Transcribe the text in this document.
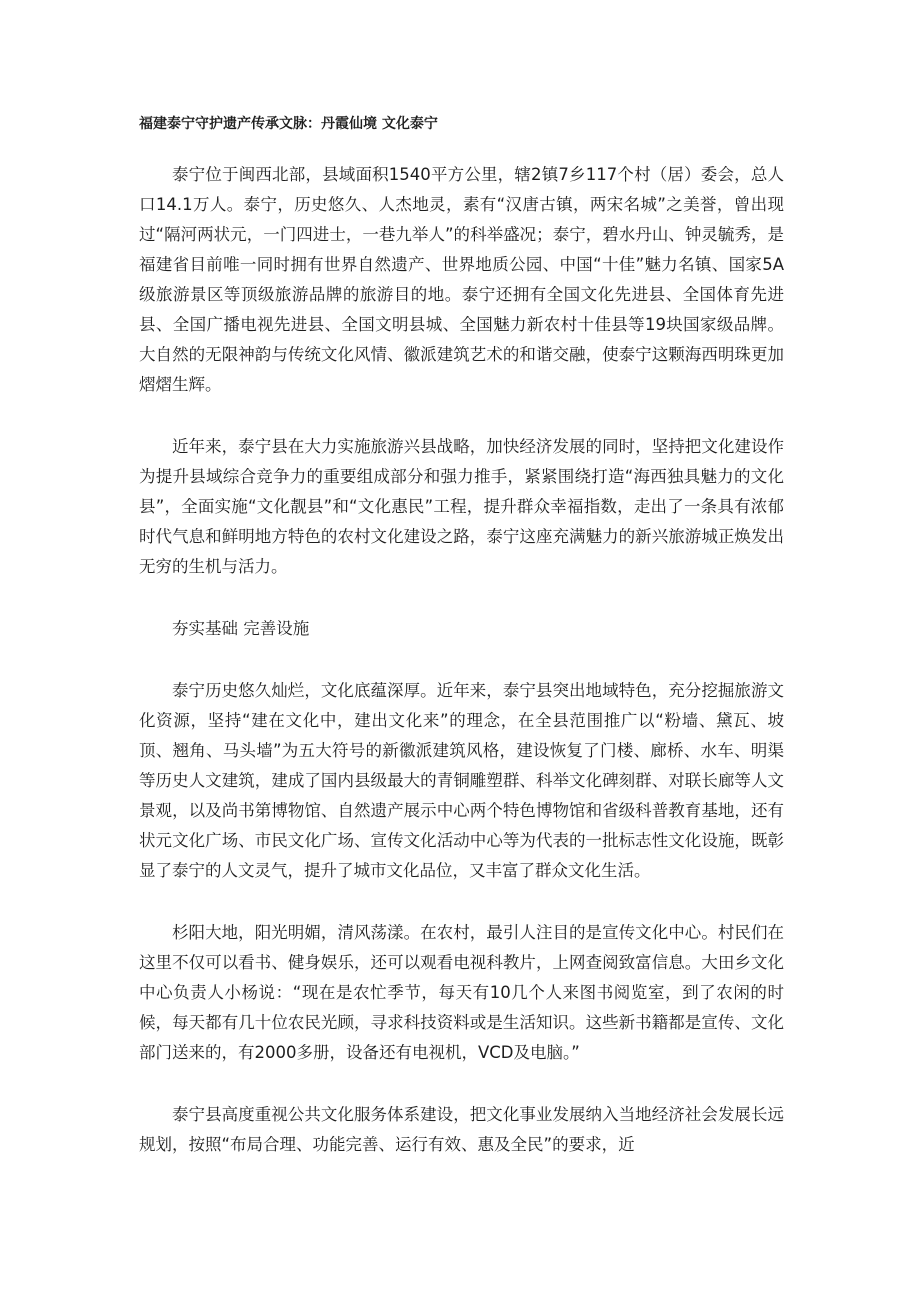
福建泰宁守护遗产传承文脉：丹霞仙境 文化泰宁

泰宁位于闽西北部，县域面积1540平方公里，辖2镇7乡117个村（居）委会，总人口14.1万人。泰宁，历史悠久、人杰地灵，素有“汉唐古镇，两宋名城”之美誉，曾出现过“隔河两状元，一门四进士，一巷九举人”的科举盛况；泰宁，碧水丹山、钟灵毓秀，是福建省目前唯一同时拥有世界自然遗产、世界地质公园、中国“十佳”魅力名镇、国家5A级旅游景区等顶级旅游品牌的旅游目的地。泰宁还拥有全国文化先进县、全国体育先进县、全国广播电视先进县、全国文明县城、全国魅力新农村十佳县等19块国家级品牌。大自然的无限神韵与传统文化风情、徽派建筑艺术的和谐交融，使泰宁这颗海西明珠更加熠熠生辉。

近年来，泰宁县在大力实施旅游兴县战略，加快经济发展的同时，坚持把文化建设作为提升县域综合竞争力的重要组成部分和强力推手，紧紧围绕打造“海西独具魅力的文化县”，全面实施“文化靓县”和“文化惠民”工程，提升群众幸福指数，走出了一条具有浓郁时代气息和鲜明地方特色的农村文化建设之路，泰宁这座充满魅力的新兴旅游城正焕发出无穷的生机与活力。

夯实基础 完善设施

泰宁历史悠久灿烂，文化底蕴深厚。近年来，泰宁县突出地域特色，充分挖掘旅游文化资源，坚持“建在文化中，建出文化来”的理念，在全县范围推广以“粉墙、黛瓦、坡顶、翘角、马头墙”为五大符号的新徽派建筑风格，建设恢复了门楼、廊桥、水车、明渠等历史人文建筑，建成了国内县级最大的青铜雕塑群、科举文化碑刻群、对联长廊等人文景观，以及尚书第博物馆、自然遗产展示中心两个特色博物馆和省级科普教育基地，还有状元文化广场、市民文化广场、宣传文化活动中心等为代表的一批标志性文化设施，既彰显了泰宁的人文灵气，提升了城市文化品位，又丰富了群众文化生活。

杉阳大地，阳光明媚，清风荡漾。在农村，最引人注目的是宣传文化中心。村民们在这里不仅可以看书、健身娱乐，还可以观看电视科教片，上网查阅致富信息。大田乡文化中心负责人小杨说：“现在是农忙季节，每天有10几个人来图书阅览室，到了农闲的时候，每天都有几十位农民光顾，寻求科技资料或是生活知识。这些新书籍都是宣传、文化部门送来的，有2000多册，设备还有电视机，VCD及电脑。”

泰宁县高度重视公共文化服务体系建设，把文化事业发展纳入当地经济社会发展长远规划，按照“布局合理、功能完善、运行有效、惠及全民”的要求，近
